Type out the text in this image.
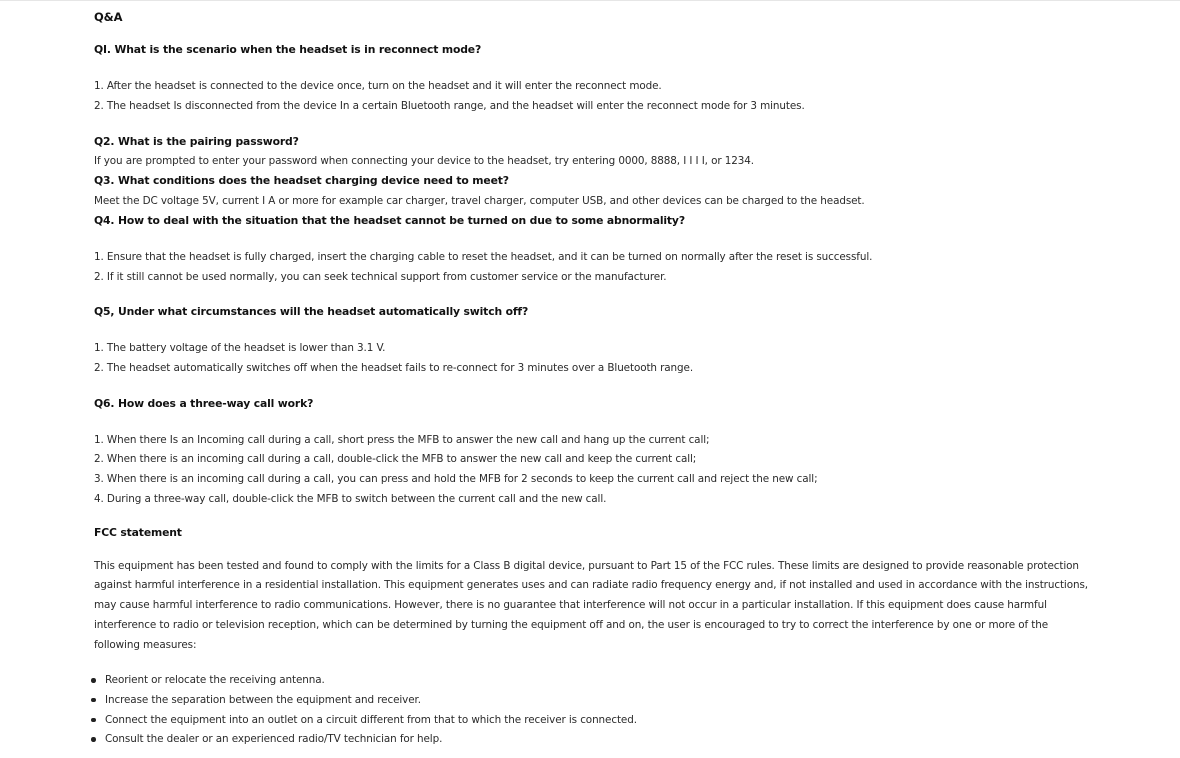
Q&A
QI. What is the scenario when the headset is in reconnect mode?
1. After the headset is connected to the device once, turn on the headset and it will enter the reconnect mode.
2. The headset Is disconnected from the device In a certain Bluetooth range, and the headset will enter the reconnect mode for 3 minutes.
Q2. What is the pairing password?
If you are prompted to enter your password when connecting your device to the headset, try entering 0000, 8888, I I I I, or 1234.
Q3. What conditions does the headset charging device need to meet?
Meet the DC voltage 5V, current I A or more for example car charger, travel charger, computer USB, and other devices can be charged to the headset.
Q4. How to deal with the situation that the headset cannot be turned on due to some abnormality?
1. Ensure that the headset is fully charged, insert the charging cable to reset the headset, and it can be turned on normally after the reset is successful.
2. If it still cannot be used normally, you can seek technical support from customer service or the manufacturer.
Q5, Under what circumstances will the headset automatically switch off?
1. The battery voltage of the headset is lower than 3.1 V.
2. The headset automatically switches off when the headset fails to re-connect for 3 minutes over a Bluetooth range.
Q6. How does a three-way call work?
1. When there Is an Incoming call during a call, short press the MFB to answer the new call and hang up the current call;
2. When there is an incoming call during a call, double-click the MFB to answer the new call and keep the current call;
3. When there is an incoming call during a call, you can press and hold the MFB for 2 seconds to keep the current call and reject the new call;
4. During a three-way call, double-click the MFB to switch between the current call and the new call.
FCC statement
This equipment has been tested and found to comply with the limits for a Class B digital device, pursuant to Part 15 of the FCC rules. These limits are designed to provide reasonable protection
against harmful interference in a residential installation. This equipment generates uses and can radiate radio frequency energy and, if not installed and used in accordance with the instructions,
may cause harmful interference to radio communications. However, there is no guarantee that interference will not occur in a particular installation. If this equipment does cause harmful
interference to radio or television reception, which can be determined by turning the equipment off and on, the user is encouraged to try to correct the interference by one or more of the
following measures:
Reorient or relocate the receiving antenna.
Increase the separation between the equipment and receiver.
Connect the equipment into an outlet on a circuit different from that to which the receiver is connected.
Consult the dealer or an experienced radio/TV technician for help.
